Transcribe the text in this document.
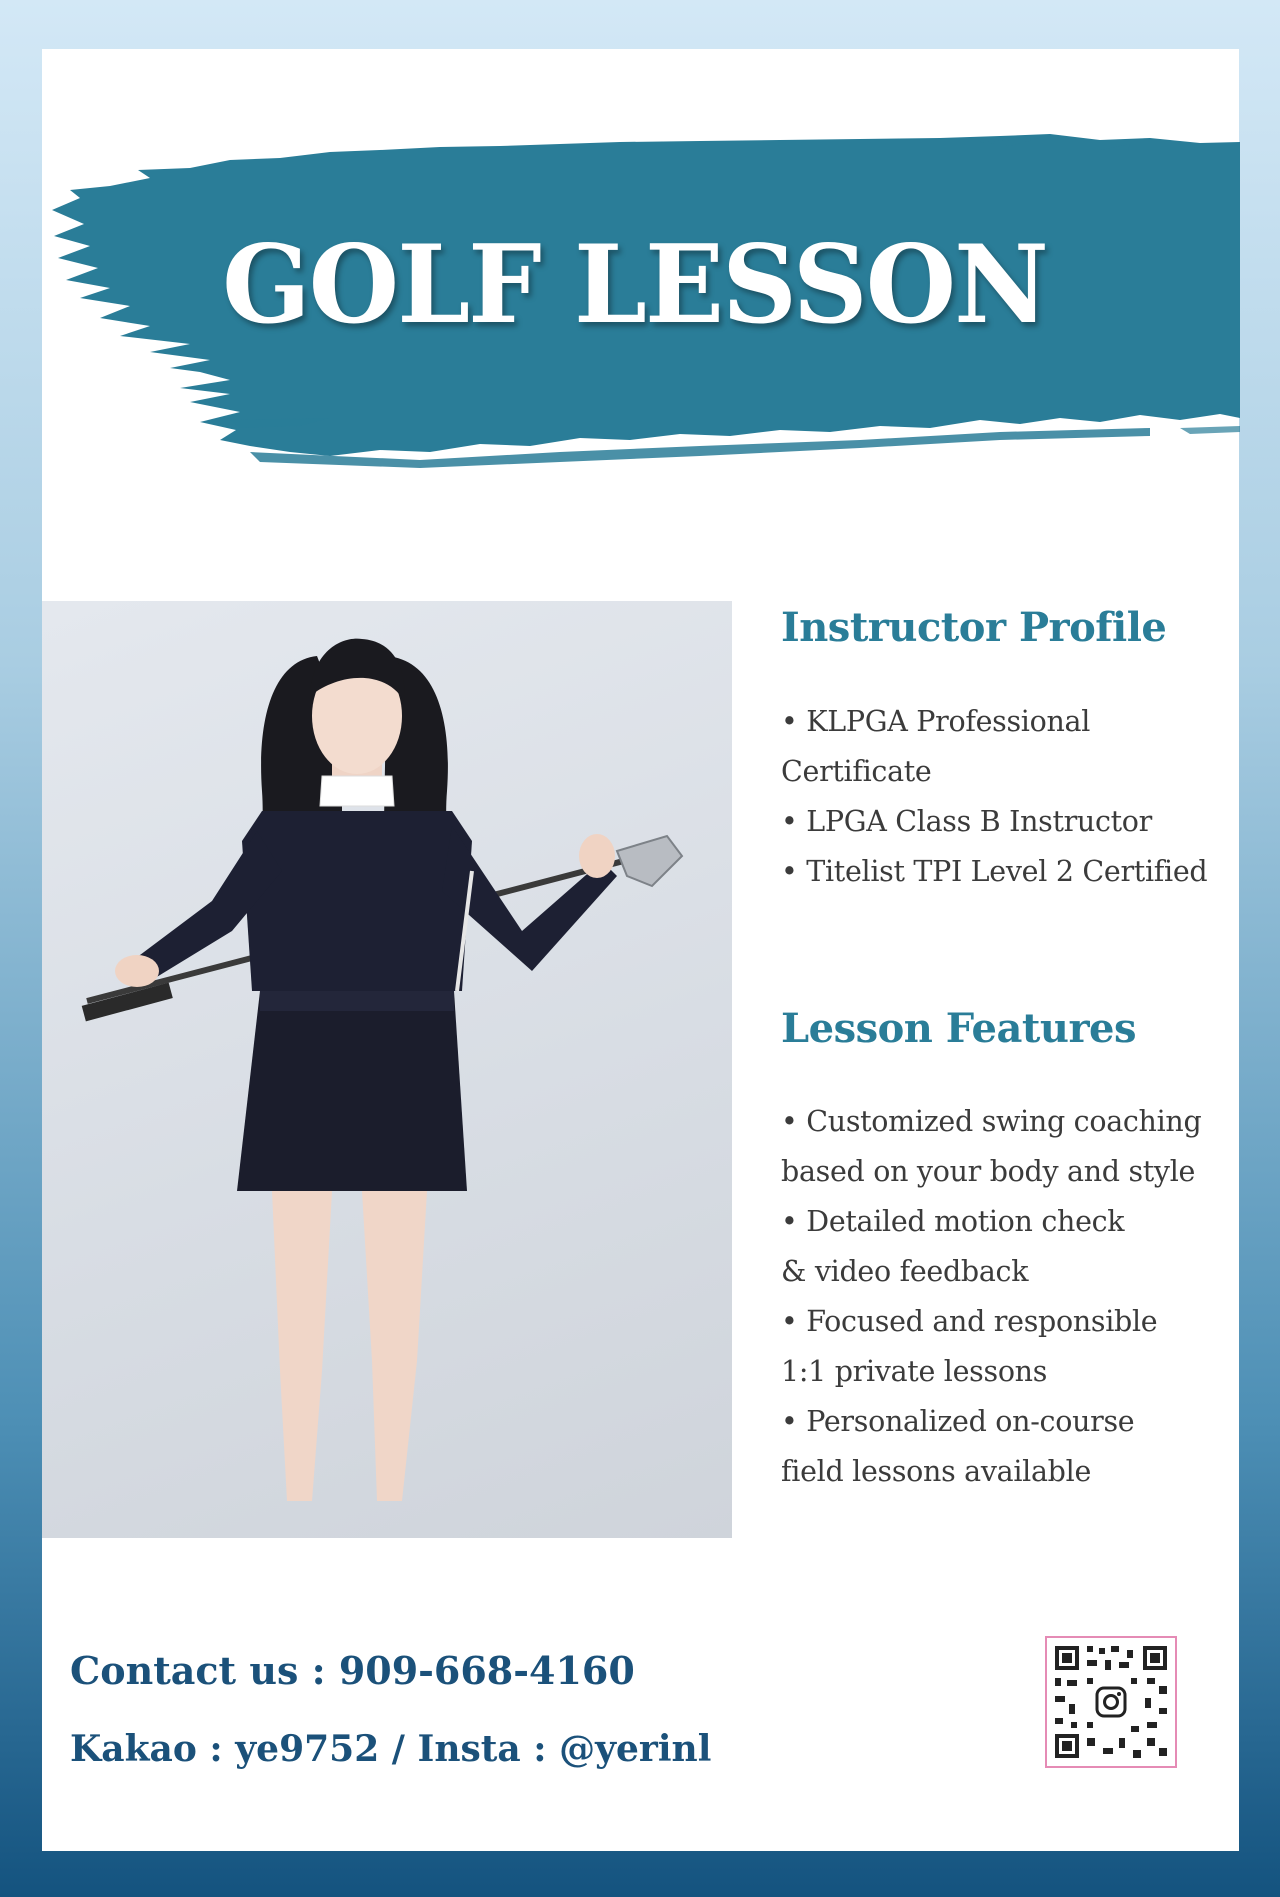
GOLF LESSON
Instructor Profile
• KLPGA Professional
Certificate
• LPGA Class B Instructor
• Titelist TPI Level 2 Certified
Lesson Features
• Customized swing coaching
based on your body and style
• Detailed motion check
& video feedback
• Focused and responsible
1:1 private lessons
• Personalized on-course
field lessons available
Contact us : 909-668-4160
Kakao : ye9752 / Insta : @yerinl
